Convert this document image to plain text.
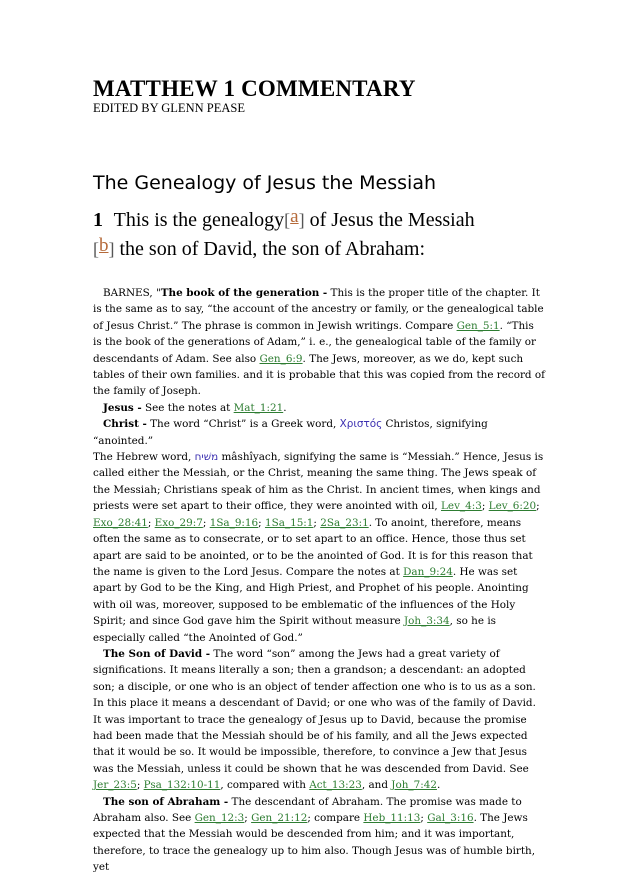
MATTHEW 1 COMMENTARY
EDITED BY GLENN PEASE
The Genealogy of Jesus the Messiah
1 This is the genealogy[a] of Jesus the Messiah
[b] the son of David, the son of Abraham:

BARNES, "The book of the generation - This is the proper title of the chapter. It is the same as to say, “the account of the ancestry or family, or the genealogical table of Jesus Christ.” The phrase is common in Jewish writings. Compare Gen_5:1. “This is the book of the generations of Adam,” i. e., the genealogical table of the family or descendants of Adam. See also Gen_6:9. The Jews, moreover, as we do, kept such tables of their own families. and it is probable that this was copied from the record of the family of Joseph.

Jesus - See the notes at Mat_1:21.

Christ - The word “Christ” is a Greek word, Χριστός Christos, signifying “anointed.”

The Hebrew word, משׁיח mâshı̂yach, signifying the same is “Messiah.” Hence, Jesus is called either the Messiah, or the Christ, meaning the same thing. The Jews speak of the Messiah; Christians speak of him as the Christ. In ancient times, when kings and priests were set apart to their office, they were anointed with oil, Lev_4:3; Lev_6:20; Exo_28:41; Exo_29:7; 1Sa_9:16; 1Sa_15:1; 2Sa_23:1. To anoint, therefore, means often the same as to consecrate, or to set apart to an office. Hence, those thus set apart are said to be anointed, or to be the anointed of God. It is for this reason that the name is given to the Lord Jesus. Compare the notes at Dan_9:24. He was set apart by God to be the King, and High Priest, and Prophet of his people. Anointing with oil was, moreover, supposed to be emblematic of the influences of the Holy Spirit; and since God gave him the Spirit without measure Joh_3:34, so he is especially called “the Anointed of God.”

The Son of David - The word “son” among the Jews had a great variety of significations. It means literally a son; then a grandson; a descendant: an adopted son; a disciple, or one who is an object of tender affection one who is to us as a son. In this place it means a descendant of David; or one who was of the family of David. It was important to trace the genealogy of Jesus up to David, because the promise had been made that the Messiah should be of his family, and all the Jews expected that it would be so. It would be impossible, therefore, to convince a Jew that Jesus was the Messiah, unless it could be shown that he was descended from David. See Jer_23:5; Psa_132:10-11, compared with Act_13:23, and Joh_7:42.

The son of Abraham - The descendant of Abraham. The promise was made to Abraham also. See Gen_12:3; Gen_21:12; compare Heb_11:13; Gal_3:16. The Jews expected that the Messiah would be descended from him; and it was important, therefore, to trace the genealogy up to him also. Though Jesus was of humble birth, yet
